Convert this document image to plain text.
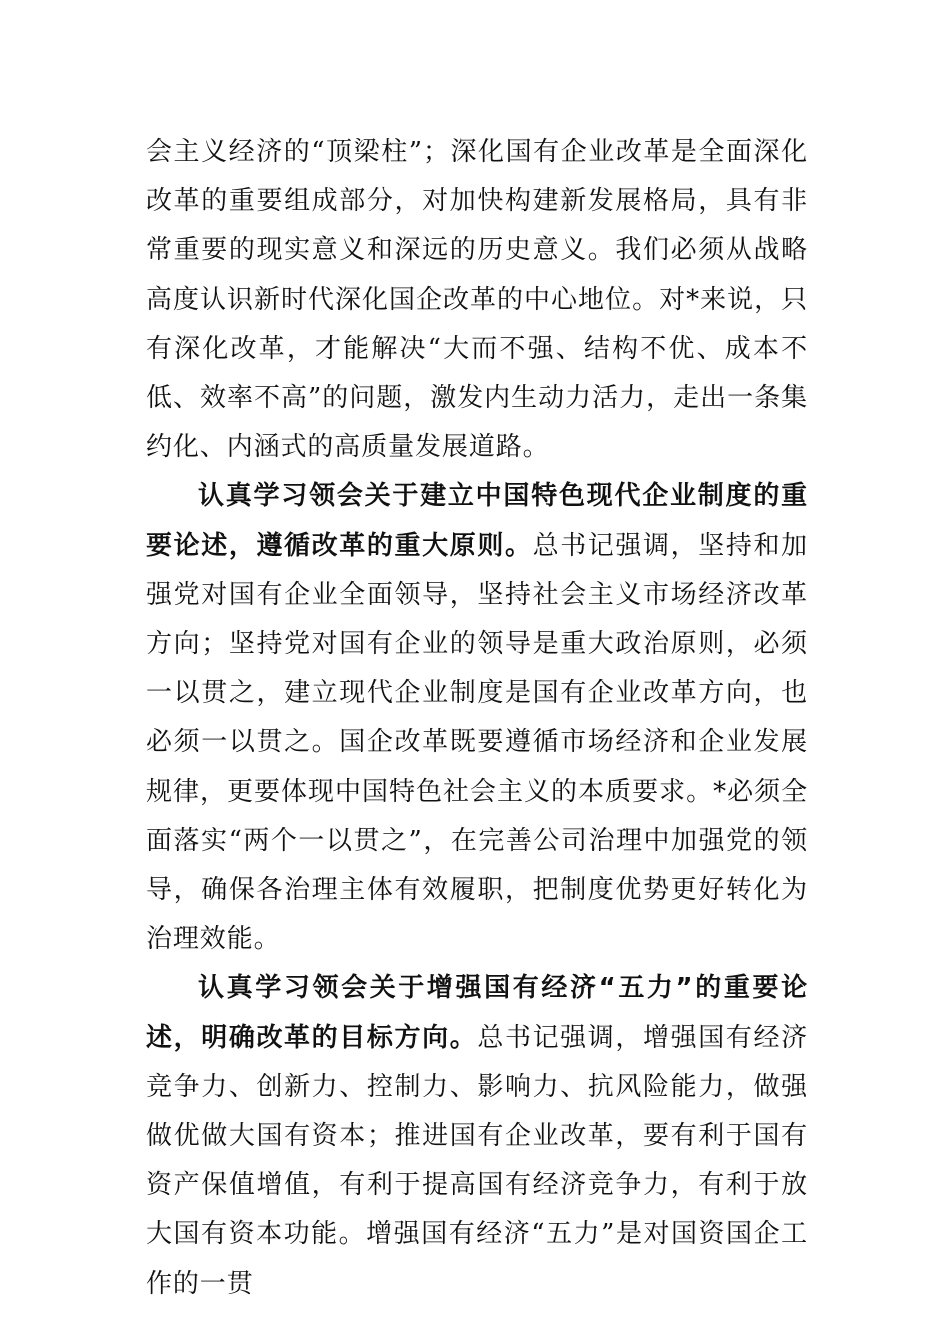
会主义经济的“顶梁柱”；深化国有企业改革是全面深化改革的重要组成部分，对加快构建新发展格局，具有非常重要的现实意义和深远的历史意义。我们必须从战略高度认识新时代深化国企改革的中心地位。对*来说，只有深化改革，才能解决“大而不强、结构不优、成本不低、效率不高”的问题，激发内生动力活力，走出一条集约化、内涵式的高质量发展道路。

认真学习领会关于建立中国特色现代企业制度的重要论述，遵循改革的重大原则。总书记强调，坚持和加强党对国有企业全面领导，坚持社会主义市场经济改革方向；坚持党对国有企业的领导是重大政治原则，必须一以贯之，建立现代企业制度是国有企业改革方向，也必须一以贯之。国企改革既要遵循市场经济和企业发展规律，更要体现中国特色社会主义的本质要求。*必须全面落实“两个一以贯之”，在完善公司治理中加强党的领导，确保各治理主体有效履职，把制度优势更好转化为治理效能。

认真学习领会关于增强国有经济“五力”的重要论述，明确改革的目标方向。总书记强调，增强国有经济竞争力、创新力、控制力、影响力、抗风险能力，做强做优做大国有资本；推进国有企业改革，要有利于国有资产保值增值，有利于提高国有经济竞争力，有利于放大国有资本功能。增强国有经济“五力”是对国资国企工作的一贯
